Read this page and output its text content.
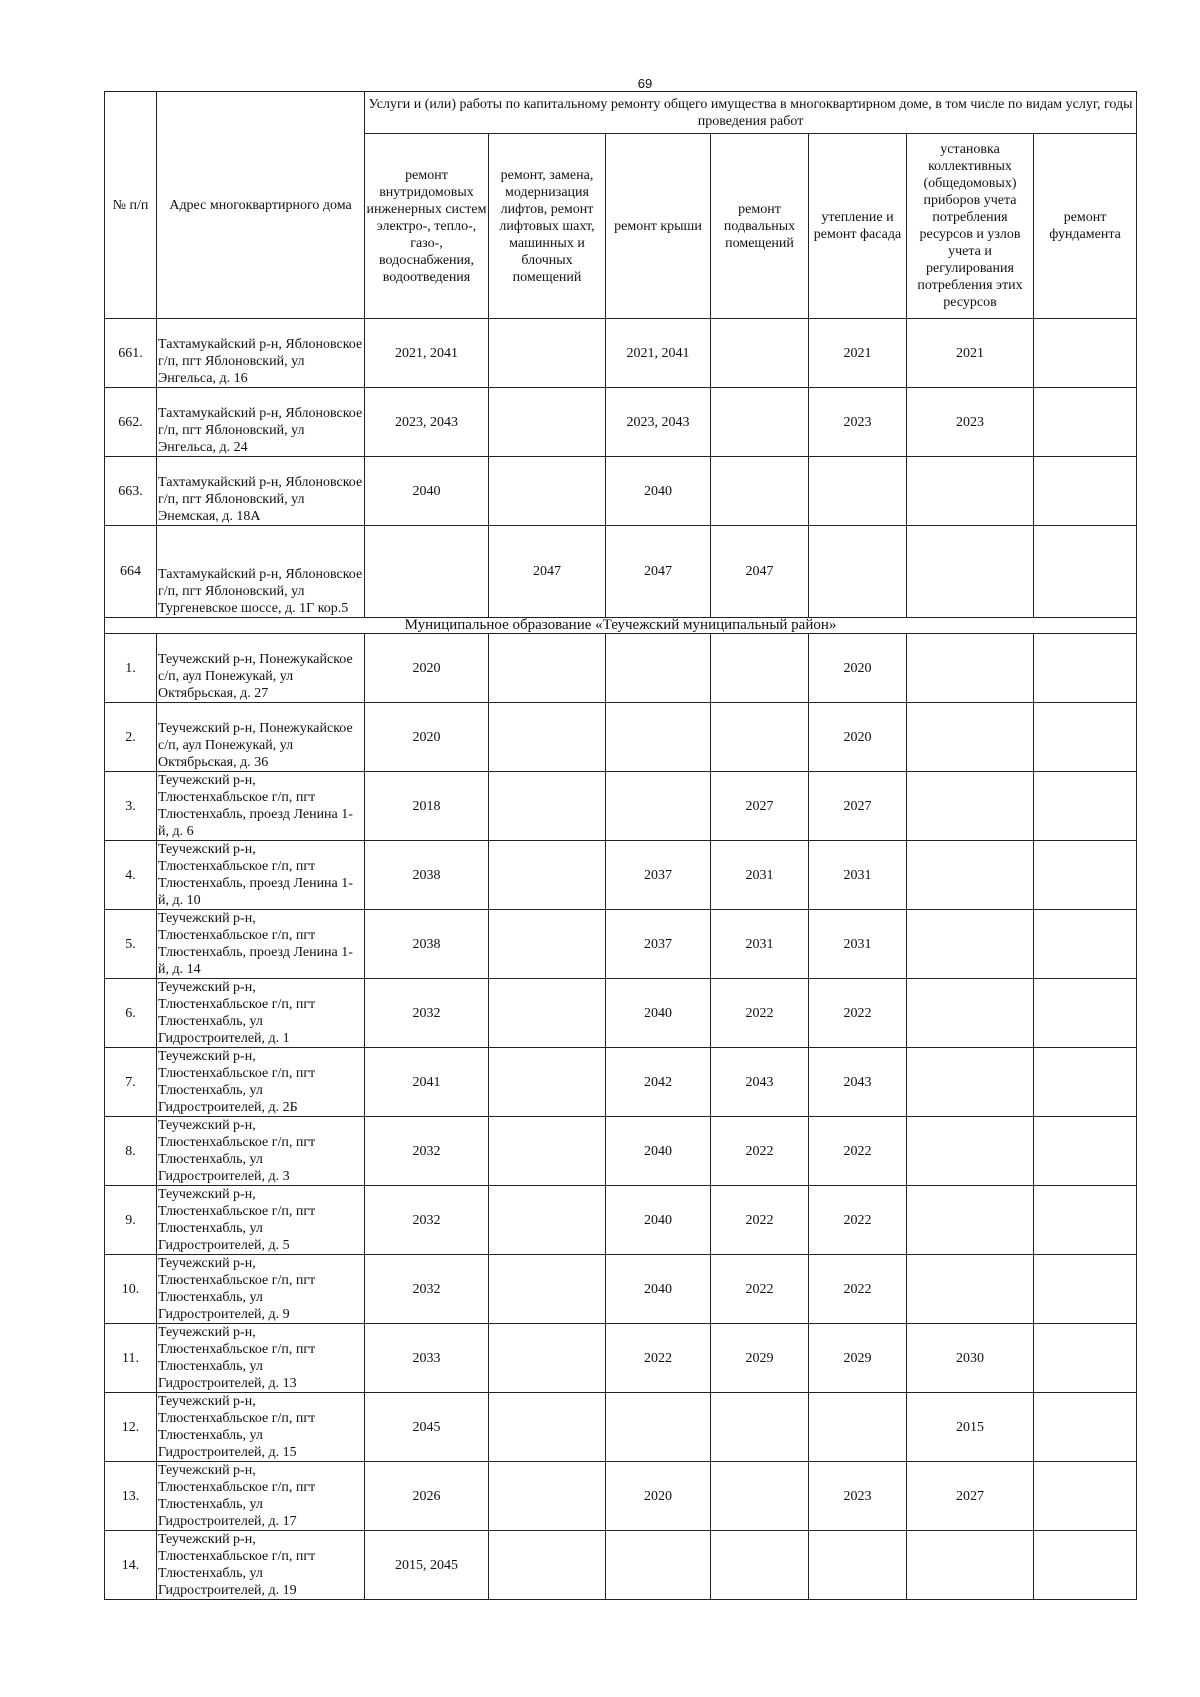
69
№ п/п	Адрес многоквартирного дома	Услуги и (или) работы по капитальному ремонту общего имущества в многоквартирном доме, в том числе по видам услуг, годы проведения работ						
		ремонт внутридомовых инженерных систем электро-, тепло-, газо-, водоснабжения, водоотведения	ремонт, замена, модернизация лифтов, ремонт лифтовых шахт, машинных и блочных помещений	ремонт крыши	ремонт подвальных помещений	утепление и ремонт фасада	установка коллективных (общедомовых) приборов учета потребления ресурсов и узлов учета и регулирования потребления этих ресурсов	ремонт фундамента
661.	Тахтамукайский р-н, Яблоновское г/п, пгт Яблоновский, ул Энгельса, д. 16	2021, 2041		2021, 2041		2021	2021	
662.	Тахтамукайский р-н, Яблоновское г/п, пгт Яблоновский, ул Энгельса, д. 24	2023, 2043		2023, 2043		2023	2023	
663.	Тахтамукайский р-н, Яблоновское г/п, пгт Яблоновский, ул Энемская, д. 18А	2040		2040				
664	Тахтамукайский р-н, Яблоновское г/п, пгт Яблоновский, ул Тургеневское шоссе, д. 1Г кор.5		2047	2047	2047			
Муниципальное образование «Теучежский муниципальный район»								
1.	Теучежский р-н, Понежукайское с/п, аул Понежукай, ул Октябрьская, д. 27	2020				2020		
2.	Теучежский р-н, Понежукайское с/п, аул Понежукай, ул Октябрьская, д. 36	2020				2020		
3.	Теучежский р-н, Тлюстенхабльское г/п, пгт Тлюстенхабль, проезд Ленина 1-й, д. 6	2018			2027	2027		
4.	Теучежский р-н, Тлюстенхабльское г/п, пгт Тлюстенхабль, проезд Ленина 1-й, д. 10	2038		2037	2031	2031		
5.	Теучежский р-н, Тлюстенхабльское г/п, пгт Тлюстенхабль, проезд Ленина 1-й, д. 14	2038		2037	2031	2031		
6.	Теучежский р-н, Тлюстенхабльское г/п, пгт Тлюстенхабль, ул Гидростроителей, д. 1	2032		2040	2022	2022		
7.	Теучежский р-н, Тлюстенхабльское г/п, пгт Тлюстенхабль, ул Гидростроителей, д. 2Б	2041		2042	2043	2043		
8.	Теучежский р-н, Тлюстенхабльское г/п, пгт Тлюстенхабль, ул Гидростроителей, д. 3	2032		2040	2022	2022		
9.	Теучежский р-н, Тлюстенхабльское г/п, пгт Тлюстенхабль, ул Гидростроителей, д. 5	2032		2040	2022	2022		
10.	Теучежский р-н, Тлюстенхабльское г/п, пгт Тлюстенхабль, ул Гидростроителей, д. 9	2032		2040	2022	2022		
11.	Теучежский р-н, Тлюстенхабльское г/п, пгт Тлюстенхабль, ул Гидростроителей, д. 13	2033		2022	2029	2029	2030	
12.	Теучежский р-н, Тлюстенхабльское г/п, пгт Тлюстенхабль, ул Гидростроителей, д. 15	2045					2015	
13.	Теучежский р-н, Тлюстенхабльское г/п, пгт Тлюстенхабль, ул Гидростроителей, д. 17	2026		2020		2023	2027	
14.	Теучежский р-н, Тлюстенхабльское г/п, пгт Тлюстенхабль, ул Гидростроителей, д. 19	2015, 2045						
